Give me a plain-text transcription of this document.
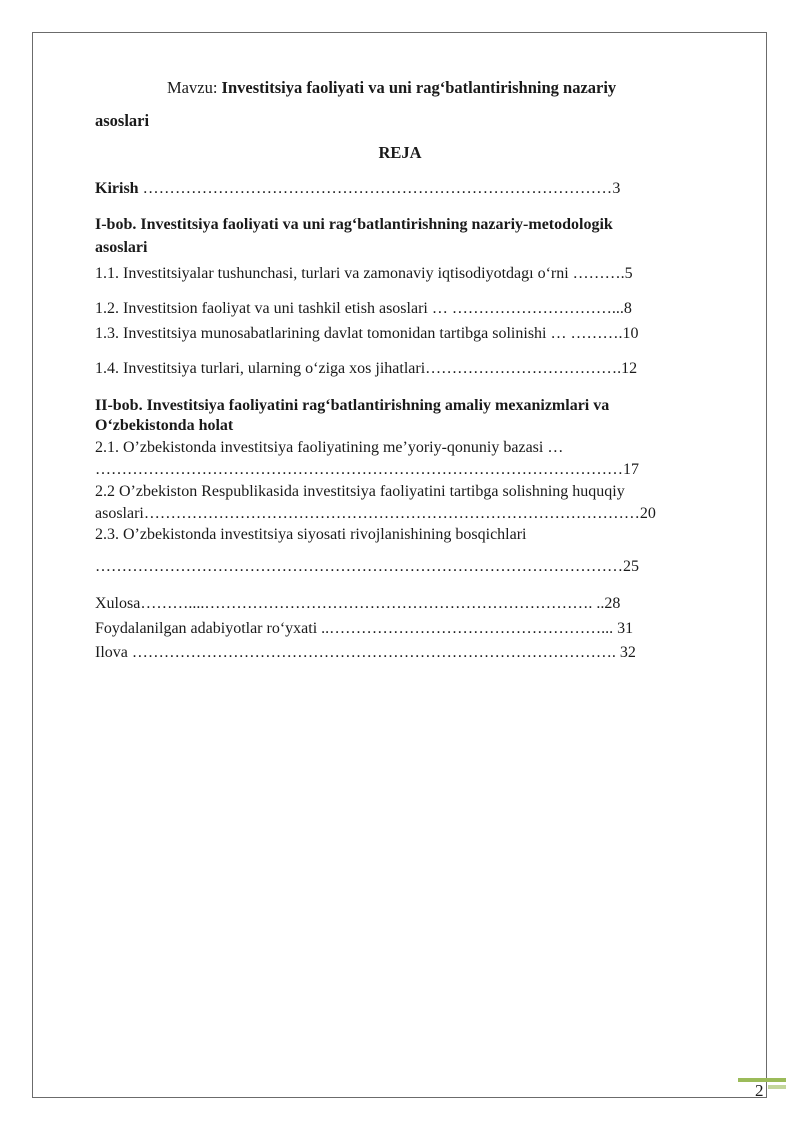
Mavzu: Investitsiya faoliyati va uni rag‘batlantirishning nazariy
asoslari
REJA
Kirish ……………………………………………………………………………3
I-bob. Investitsiya faoliyati va uni rag‘batlantirishning nazariy-metodologik
asoslari
1.1. Investitsiyalar tushunchasi, turlari va zamonaviy iqtisodiyotdagı o‘rni ……….5
1.2. Investitsion faoliyat va uni tashkil etish asoslari … …………………………...8
1.3. Investitsiya munosabatlarining davlat tomonidan tartibga solinishi … ……….10
1.4. Investitsiya turlari, ularning o‘ziga xos jihatlari……………………………….12
II-bob. Investitsiya faoliyatini rag‘batlantirishning amaliy mexanizmlari va
O‘zbekistonda holat
2.1. O’zbekistonda investitsiya faoliyatining me’yoriy-qonuniy bazasi …
………………………………………………………………………………………17
2.2 O’zbekiston Respublikasida investitsiya faoliyatini tartibga solishning huquqiy
asoslari…………………………………………………………………………………20
2.3. O’zbekistonda investitsiya siyosati rivojlanishining bosqichlari
………………………………………………………………………………………25
Xulosa………....………………………………………………………………. ..28
Foydalanilgan adabiyotlar ro‘yxati ..……………………………………………... 31
Ilova ………………………………………………………………………………. 32
2
